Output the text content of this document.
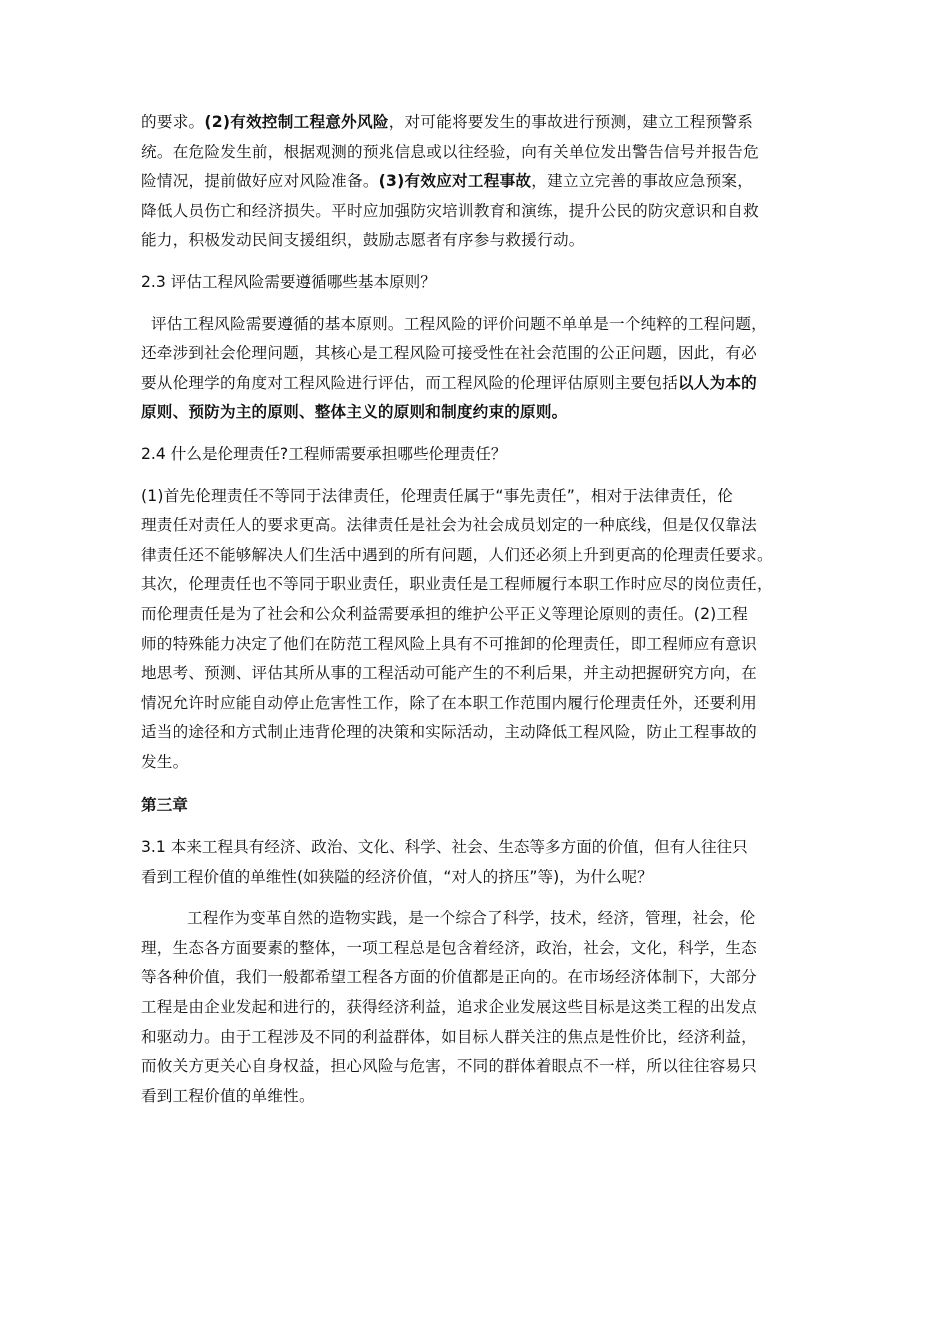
的要求。(2)有效控制工程意外风险，对可能将要发生的事故进行预测，建立工程预警系
统。在危险发生前，根据观测的预兆信息或以往经验，向有关单位发出警告信号并报告危
险情况，提前做好应对风险准备。(3)有效应对工程事故，建立立完善的事故应急预案，
降低人员伤亡和经济损失。平时应加强防灾培训教育和演练，提升公民的防灾意识和自救
能力，积极发动民间支援组织，鼓励志愿者有序参与救援行动。
2.3 评估工程风险需要遵循哪些基本原则？
评估工程风险需要遵循的基本原则。工程风险的评价问题不单单是一个纯粹的工程问题，
还牵涉到社会伦理问题，其核心是工程风险可接受性在社会范围的公正问题，因此，有必
要从伦理学的角度对工程风险进行评估，而工程风险的伦理评估原则主要包括以人为本的
原则、预防为主的原则、整体主义的原则和制度约束的原则。
2.4 什么是伦理责任?工程师需要承担哪些伦理责任？
(1)首先伦理责任不等同于法律责任，伦理责任属于“事先责任”，相对于法律责任，伦
理责任对责任人的要求更高。法律责任是社会为社会成员划定的一种底线，但是仅仅靠法
律责任还不能够解决人们生活中遇到的所有问题，人们还必须上升到更高的伦理责任要求。
其次，伦理责任也不等同于职业责任，职业责任是工程师履行本职工作时应尽的岗位责任，
而伦理责任是为了社会和公众利益需要承担的维护公平正义等理论原则的责任。(2)工程
师的特殊能力决定了他们在防范工程风险上具有不可推卸的伦理责任，即工程师应有意识
地思考、预测、评估其所从事的工程活动可能产生的不利后果，并主动把握研究方向，在
情况允许时应能自动停止危害性工作，除了在本职工作范围内履行伦理责任外，还要利用
适当的途径和方式制止违背伦理的决策和实际活动，主动降低工程风险，防止工程事故的
发生。
第三章
3.1 本来工程具有经济、政治、文化、科学、社会、生态等多方面的价值，但有人往往只
看到工程价值的单维性(如狭隘的经济价值，“对人的挤压”等)，为什么呢？
工程作为变革自然的造物实践，是一个综合了科学，技术，经济，管理，社会，伦
理，生态各方面要素的整体，一项工程总是包含着经济，政治，社会，文化，科学，生态
等各种价值，我们一般都希望工程各方面的价值都是正向的。在市场经济体制下，大部分
工程是由企业发起和进行的，获得经济利益，追求企业发展这些目标是这类工程的出发点
和驱动力。由于工程涉及不同的利益群体，如目标人群关注的焦点是性价比，经济利益，
而攸关方更关心自身权益，担心风险与危害，不同的群体着眼点不一样，所以往往容易只
看到工程价值的单维性。
